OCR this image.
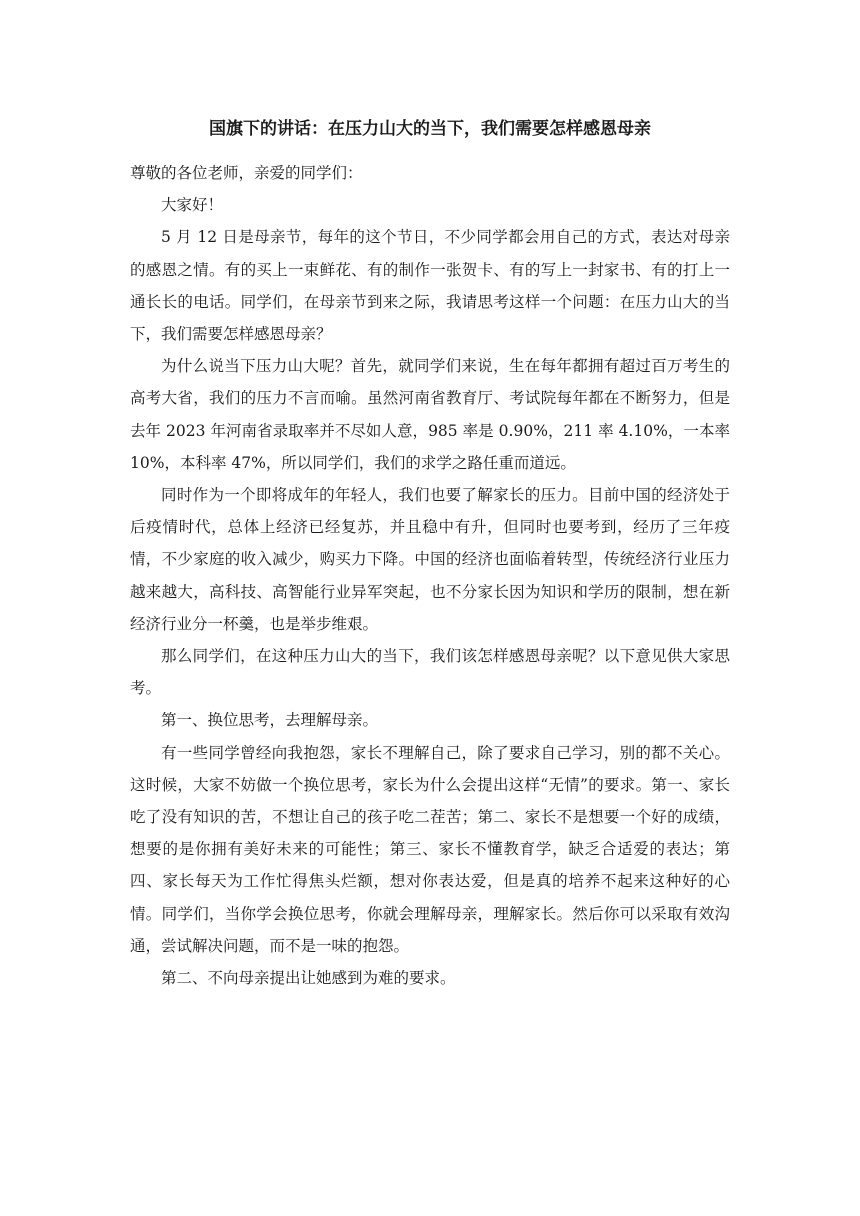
国旗下的讲话：在压力山大的当下，我们需要怎样感恩母亲

尊敬的各位老师，亲爱的同学们：

大家好！

5 月 12 日是母亲节，每年的这个节日，不少同学都会用自己的方式，表达对母亲的感恩之情。有的买上一束鲜花、有的制作一张贺卡、有的写上一封家书、有的打上一通长长的电话。同学们，在母亲节到来之际，我请思考这样一个问题：在压力山大的当下，我们需要怎样感恩母亲？

为什么说当下压力山大呢？首先，就同学们来说，生在每年都拥有超过百万考生的高考大省，我们的压力不言而喻。虽然河南省教育厅、考试院每年都在不断努力，但是去年 2023 年河南省录取率并不尽如人意，985 率是 0.90%，211 率 4.10%，一本率 10%，本科率 47%，所以同学们，我们的求学之路任重而道远。

同时作为一个即将成年的年轻人，我们也要了解家长的压力。目前中国的经济处于后疫情时代，总体上经济已经复苏，并且稳中有升，但同时也要考到，经历了三年疫情，不少家庭的收入减少，购买力下降。中国的经济也面临着转型，传统经济行业压力越来越大，高科技、高智能行业异军突起，也不分家长因为知识和学历的限制，想在新经济行业分一杯羹，也是举步维艰。

那么同学们，在这种压力山大的当下，我们该怎样感恩母亲呢？以下意见供大家思考。

第一、换位思考，去理解母亲。

有一些同学曾经向我抱怨，家长不理解自己，除了要求自己学习，别的都不关心。这时候，大家不妨做一个换位思考，家长为什么会提出这样“无情”的要求。第一、家长吃了没有知识的苦，不想让自己的孩子吃二茬苦；第二、家长不是想要一个好的成绩，想要的是你拥有美好未来的可能性；第三、家长不懂教育学，缺乏合适爱的表达；第四、家长每天为工作忙得焦头烂额，想对你表达爱，但是真的培养不起来这种好的心情。同学们，当你学会换位思考，你就会理解母亲，理解家长。然后你可以采取有效沟通，尝试解决问题，而不是一味的抱怨。

第二、不向母亲提出让她感到为难的要求。
